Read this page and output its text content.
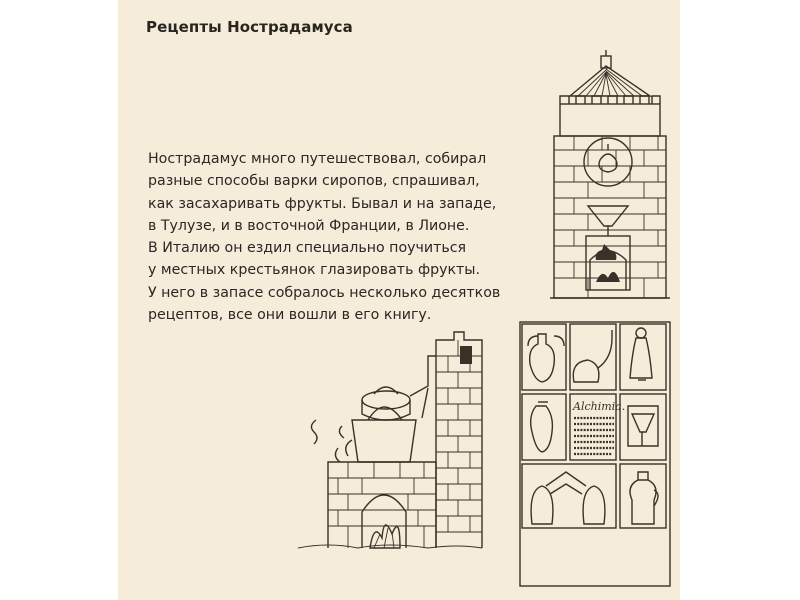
Рецепты Нострадамуса
Нострадамус много путешествовал, собирал
разные способы варки сиропов, спрашивал,
как засахаривать фрукты. Бывал и на западе,
в Тулузе, и в восточной Франции, в Лионе.
В Италию он ездил специально поучиться
у местных крестьянок глазировать фрукты.
У него в запасе собралось несколько десятков
рецептов, все они вошли в его книгу.
Alchimia.
